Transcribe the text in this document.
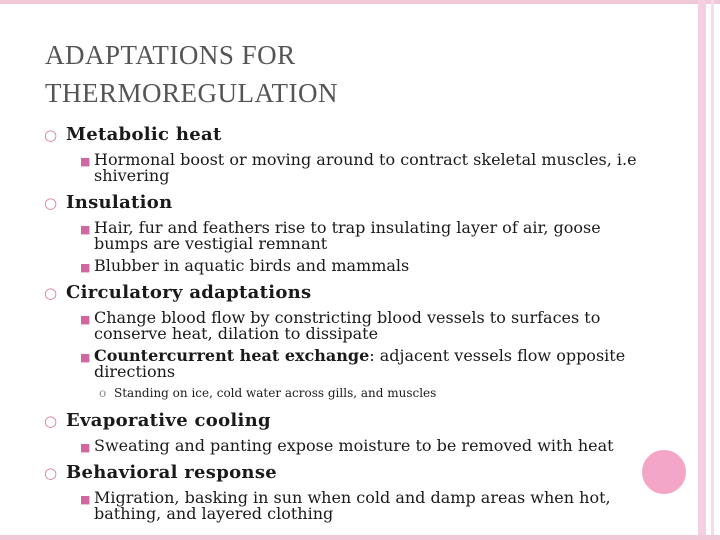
ADAPTATIONS FOR THERMOREGULATION
○ Metabolic heat
■ Hormonal boost or moving around to contract skeletal muscles, i.e shivering
○ Insulation
■ Hair, fur and feathers rise to trap insulating layer of air, goose bumps are vestigial remnant
■ Blubber in aquatic birds and mammals
○ Circulatory adaptations
■ Change blood flow by constricting blood vessels to surfaces to conserve heat, dilation to dissipate
■ Countercurrent heat exchange: adjacent vessels flow opposite directions
o Standing on ice, cold water across gills, and muscles
○ Evaporative cooling
■ Sweating and panting expose moisture to be removed with heat
○ Behavioral response
■ Migration, basking in sun when cold and damp areas when hot, bathing, and layered clothing
